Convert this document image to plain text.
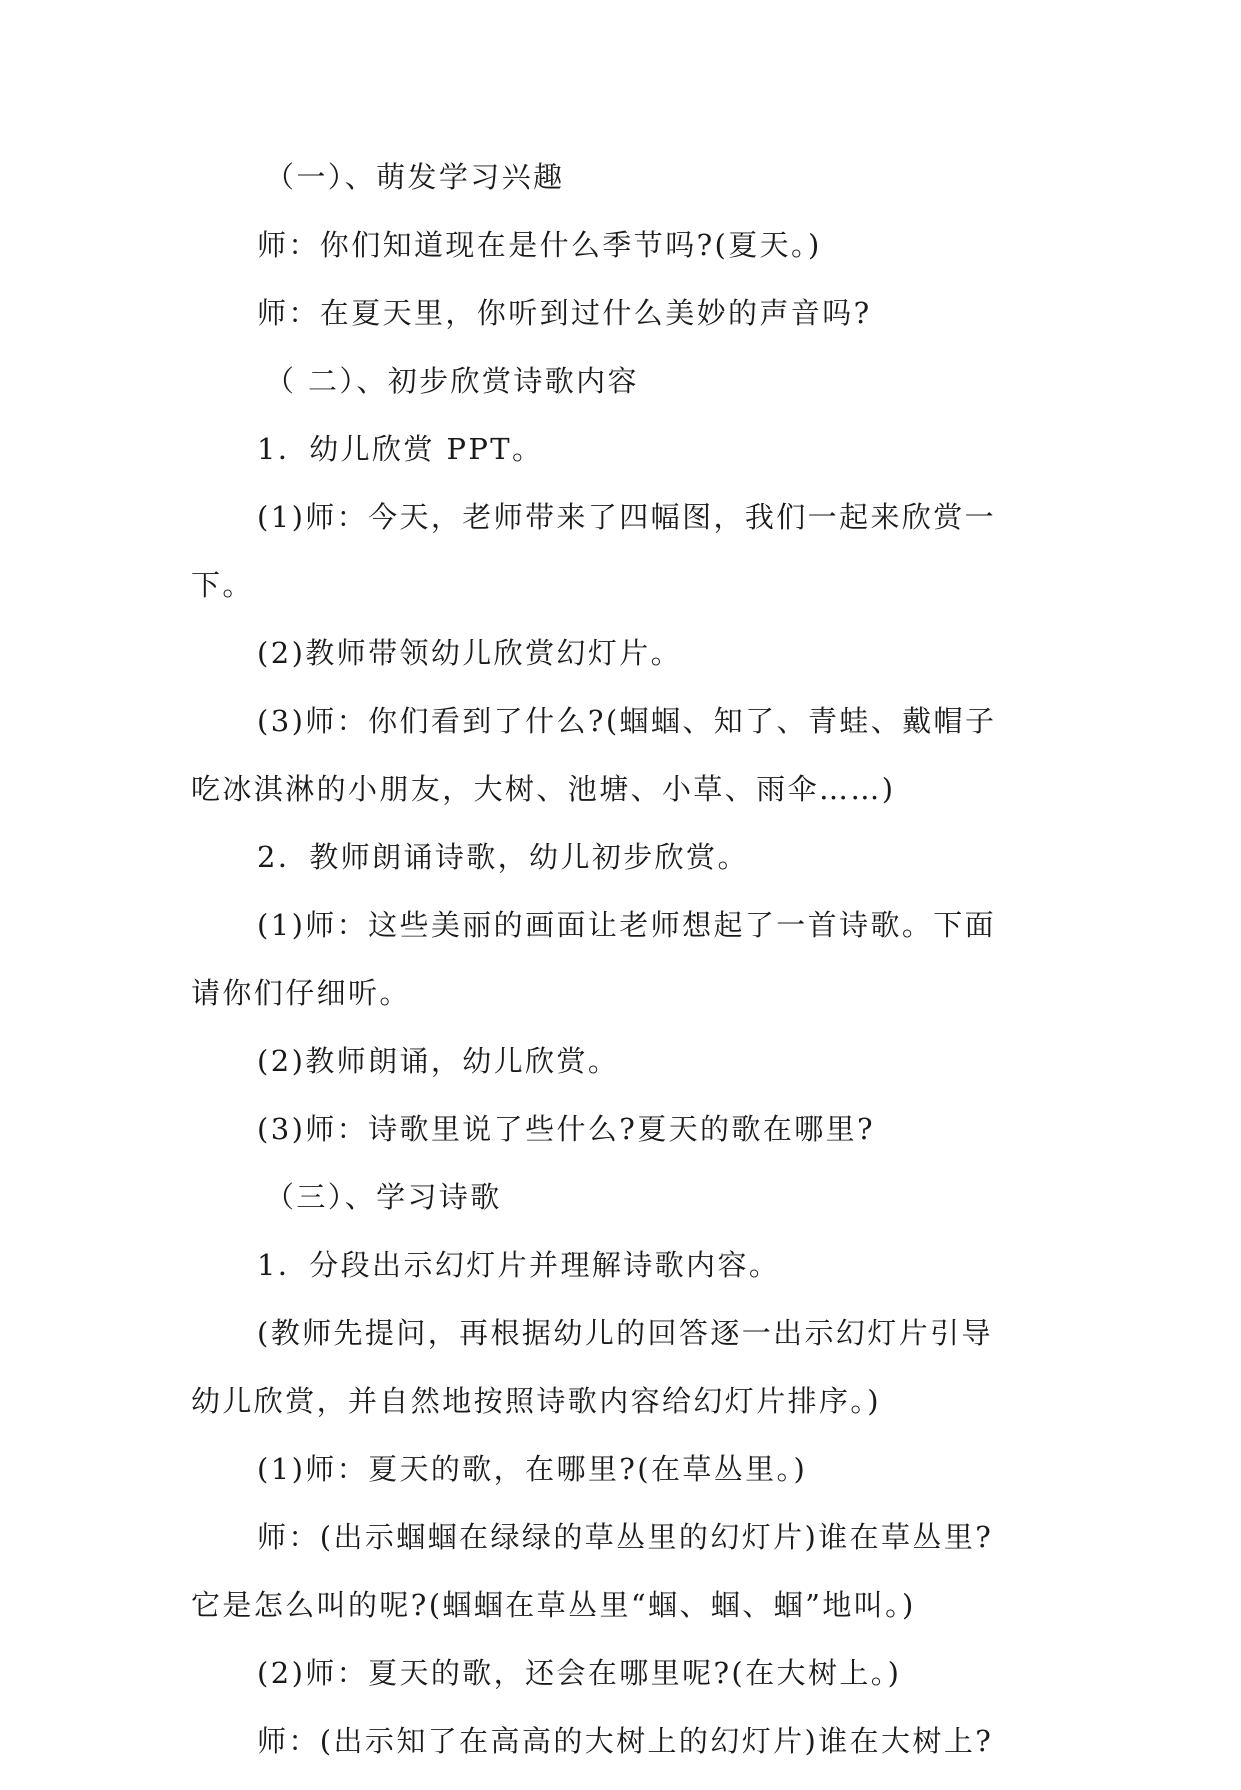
（一）、萌发学习兴趣
师：你们知道现在是什么季节吗?(夏天。)
师：在夏天里，你听到过什么美妙的声音吗?
（ 二）、初步欣赏诗歌内容
1．幼儿欣赏 PPT。
(1)师：今天，老师带来了四幅图，我们一起来欣赏一
下。
(2)教师带领幼儿欣赏幻灯片。
(3)师：你们看到了什么?(蝈蝈、知了、青蛙、戴帽子
吃冰淇淋的小朋友，大树、池塘、小草、雨伞……)
2．教师朗诵诗歌，幼儿初步欣赏。
(1)师：这些美丽的画面让老师想起了一首诗歌。下面
请你们仔细听。
(2)教师朗诵，幼儿欣赏。
(3)师：诗歌里说了些什么?夏天的歌在哪里?
（三）、学习诗歌
1．分段出示幻灯片并理解诗歌内容。
(教师先提问，再根据幼儿的回答逐一出示幻灯片引导
幼儿欣赏，并自然地按照诗歌内容给幻灯片排序。)
(1)师：夏天的歌，在哪里?(在草丛里。)
师：(出示蝈蝈在绿绿的草丛里的幻灯片)谁在草丛里?
它是怎么叫的呢?(蝈蝈在草丛里“蝈、蝈、蝈”地叫。)
(2)师：夏天的歌，还会在哪里呢?(在大树上。)
师：(出示知了在高高的大树上的幻灯片)谁在大树上?
